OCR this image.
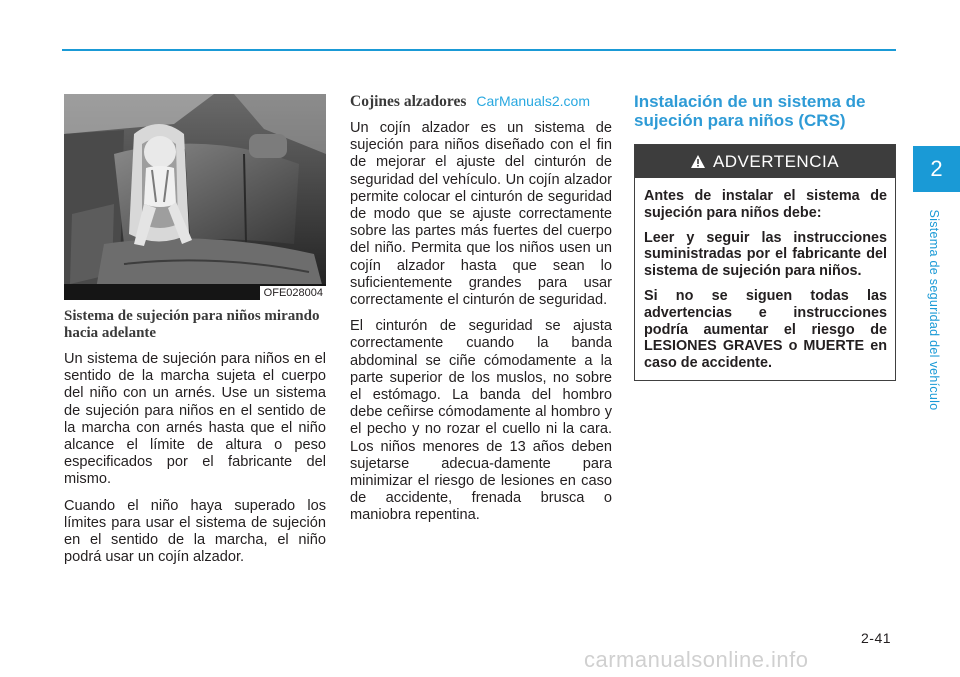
OFE028004
Sistema de sujeción para niños mirando hacia adelante

Un sistema de sujeción para niños en el sentido de la marcha sujeta el cuerpo del niño con un arnés. Use un sistema de sujeción para niños en el sentido de la marcha con arnés hasta que el niño alcance el límite de altura o peso especificados por el fabricante del mismo.

Cuando el niño haya superado los límites para usar el sistema de sujeción en el sentido de la marcha, el niño podrá usar un cojín alzador.

Cojines alzadores CarManuals2.com

Un cojín alzador es un sistema de sujeción para niños diseñado con el fin de mejorar el ajuste del cinturón de seguridad del vehículo. Un cojín alzador permite colocar el cinturón de seguridad de modo que se ajuste correctamente sobre las partes más fuertes del cuerpo del niño. Permita que los niños usen un cojín alzador hasta que sean lo suficientemente grandes para usar correctamente el cinturón de seguridad.

El cinturón de seguridad se ajusta correctamente cuando la banda abdominal se ciñe cómodamente a la parte superior de los muslos, no sobre el estómago. La banda del hombro debe ceñirse cómodamente al hombro y el pecho y no rozar el cuello ni la cara. Los niños menores de 13 años deben sujetarse adecua-damente para minimizar el riesgo de lesiones en caso de accidente, frenada brusca o maniobra repentina.

Instalación de un sistema de
sujeción para niños (CRS)
ADVERTENCIA

Antes de instalar el sistema de sujeción para niños debe:

Leer y seguir las instrucciones suministradas por el fabricante del sistema de sujeción para niños.

Si no se siguen todas las advertencias e instrucciones podría aumentar el riesgo de LESIONES GRAVES o MUERTE en caso de accidente.

2
Sistema de seguridad del vehículo
2-41
carmanualsonline.info
